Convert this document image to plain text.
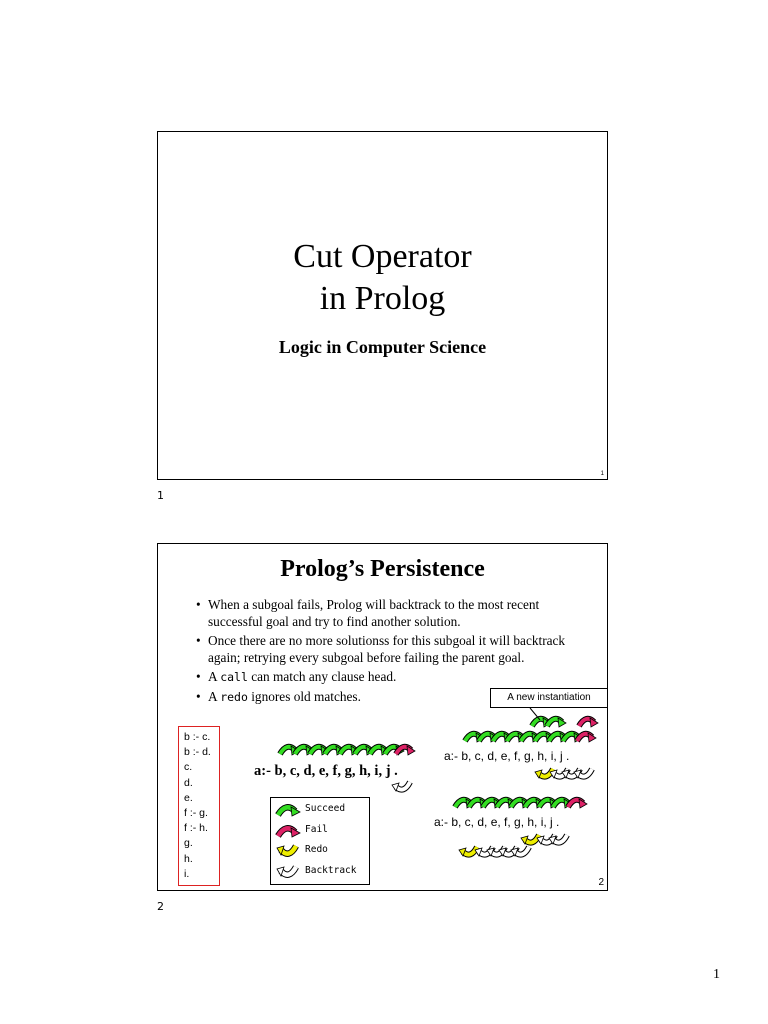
Cut Operator
in Prolog
Logic in Computer Science
1
1
Prolog’s Persistence
• When a subgoal fails, Prolog will backtrack to the most recent successful goal and try to find another solution.
• Once there are no more solutionss for this subgoal it will backtrack again; retrying every subgoal before failing the parent goal.
• A call can match any clause head.
• A redo ignores old matches.
b :- c.
b :- d.
c.
d.
e.
f :- g.
f :- h.
g.
h.
i.
a:- b, c, d, e, f, g, h, i, j .
a:- b, c, d, e, f, g, h, i, j .
a:- b, c, d, e, f, g, h, i, j .
A new instantiation
Succeed
Fail
Redo
Backtrack
2
2
1
